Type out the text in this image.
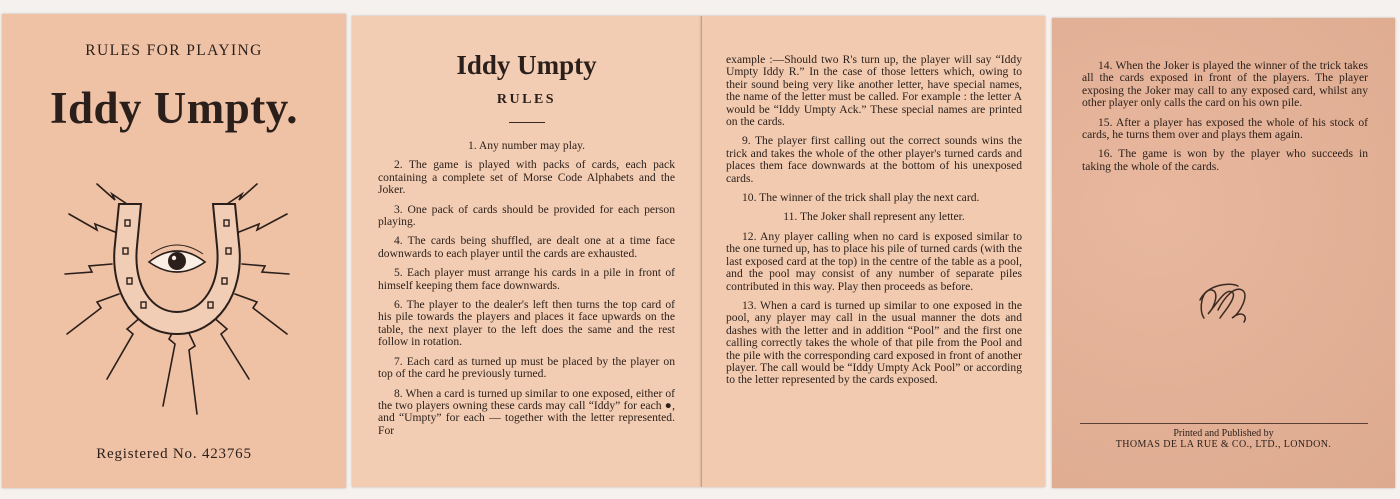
RULES FOR PLAYING
Iddy Umpty.
Registered No. 423765
Iddy Umpty
RULES

1. Any number may play.

2. The game is played with packs of cards, each pack containing a complete set of Morse Code Alphabets and the Joker.

3. One pack of cards should be provided for each person playing.

4. The cards being shuffled, are dealt one at a time face downwards to each player until the cards are exhausted.

5. Each player must arrange his cards in a pile in front of himself keeping them face downwards.

6. The player to the dealer's left then turns the top card of his pile towards the players and places it face upwards on the table, the next player to the left does the same and the rest follow in rotation.

7. Each card as turned up must be placed by the player on top of the card he previously turned.

8. When a card is turned up similar to one exposed, either of the two players owning these cards may call “Iddy” for each ●, and “Umpty” for each — together with the letter represented. For

example :—Should two R's turn up, the player will say “Iddy Umpty Iddy R.” In the case of those letters which, owing to their sound being very like another letter, have special names, the name of the letter must be called. For example : the letter A would be “Iddy Umpty Ack.” These special names are printed on the cards.

9. The player first calling out the correct sounds wins the trick and takes the whole of the other player's turned cards and places them face downwards at the bottom of his unexposed cards.

10. The winner of the trick shall play the next card.

11. The Joker shall represent any letter.

12. Any player calling when no card is exposed similar to the one turned up, has to place his pile of turned cards (with the last exposed card at the top) in the centre of the table as a pool, and the pool may consist of any number of separate piles contributed in this way. Play then proceeds as before.

13. When a card is turned up similar to one exposed in the pool, any player may call in the usual manner the dots and dashes with the letter and in addition “Pool” and the first one calling correctly takes the whole of that pile from the Pool and the pile with the corresponding card exposed in front of another player. The call would be “Iddy Umpty Ack Pool” or according to the letter represented by the cards exposed.

14. When the Joker is played the winner of the trick takes all the cards exposed in front of the players. The player exposing the Joker may call to any exposed card, whilst any other player only calls the card on his own pile.

15. After a player has exposed the whole of his stock of cards, he turns them over and plays them again.

16. The game is won by the player who succeeds in taking the whole of the cards.

Printed and Published by
THOMAS DE LA RUE & CO., LTD., LONDON.
